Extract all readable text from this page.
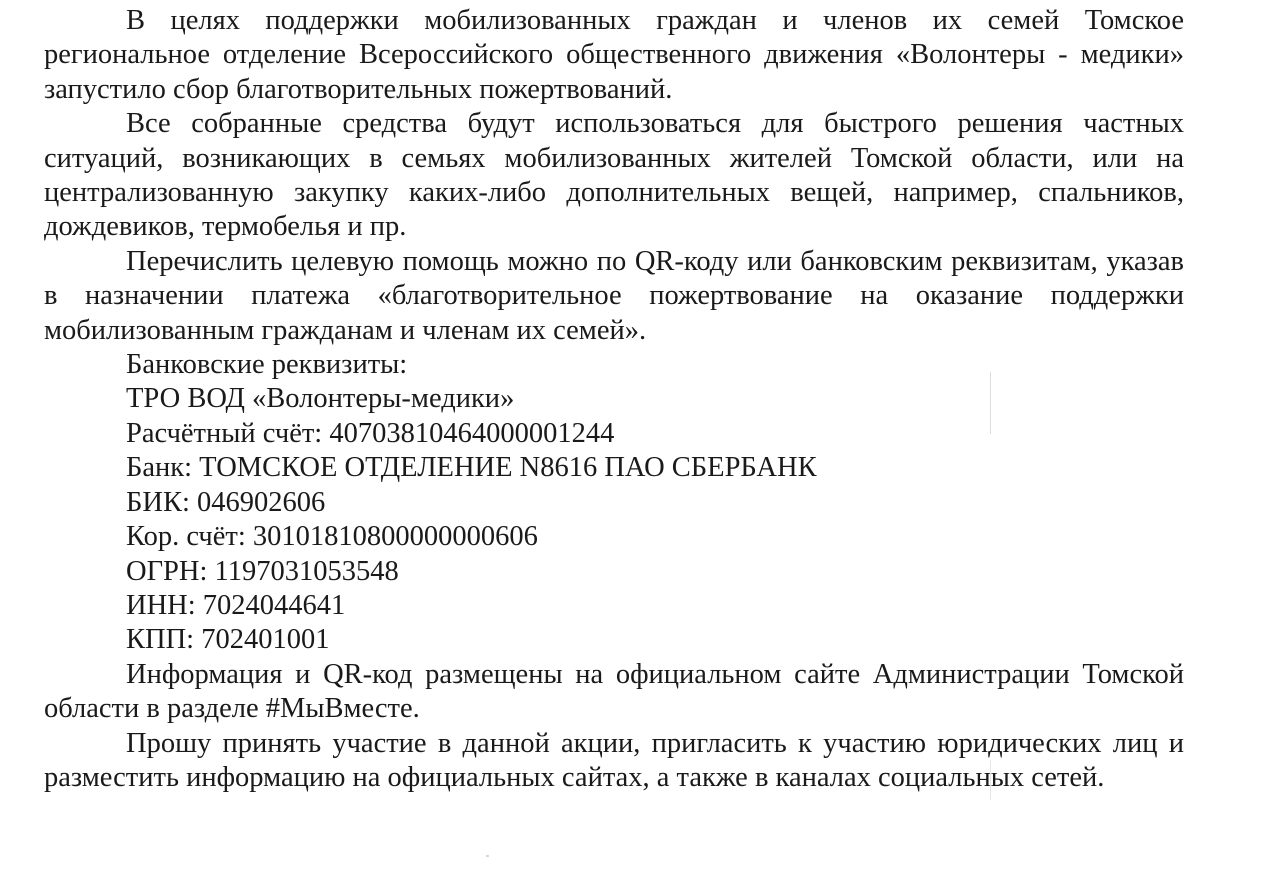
В целях поддержки мобилизованных граждан и членов их семей Томское региональное отделение Всероссийского общественного движения «Волонтеры - медики» запустило сбор благотворительных пожертвований.

Все собранные средства будут использоваться для быстрого решения частных ситуаций, возникающих в семьях мобилизованных жителей Томской области, или на централизованную закупку каких-либо дополнительных вещей, например, спальников, дождевиков, термобелья и пр.

Перечислить целевую помощь можно по QR-коду или банковским реквизитам, указав в назначении платежа «благотворительное пожертвование на оказание поддержки мобилизованным гражданам и членам их семей».

Банковские реквизиты:

ТРО ВОД «Волонтеры-медики»

Расчётный счёт: 40703810464000001244

Банк: ТОМСКОЕ ОТДЕЛЕНИЕ N8616 ПАО СБЕРБАНК

БИК: 046902606

Кор. счёт: 30101810800000000606

ОГРН: 1197031053548

ИНН: 7024044641

КПП: 702401001

Информация и QR-код размещены на официальном сайте Администрации Томской области в разделе #МыВместе.

Прошу принять участие в данной акции, пригласить к участию юридических лиц и разместить информацию на официальных сайтах, а также в каналах социальных сетей.
